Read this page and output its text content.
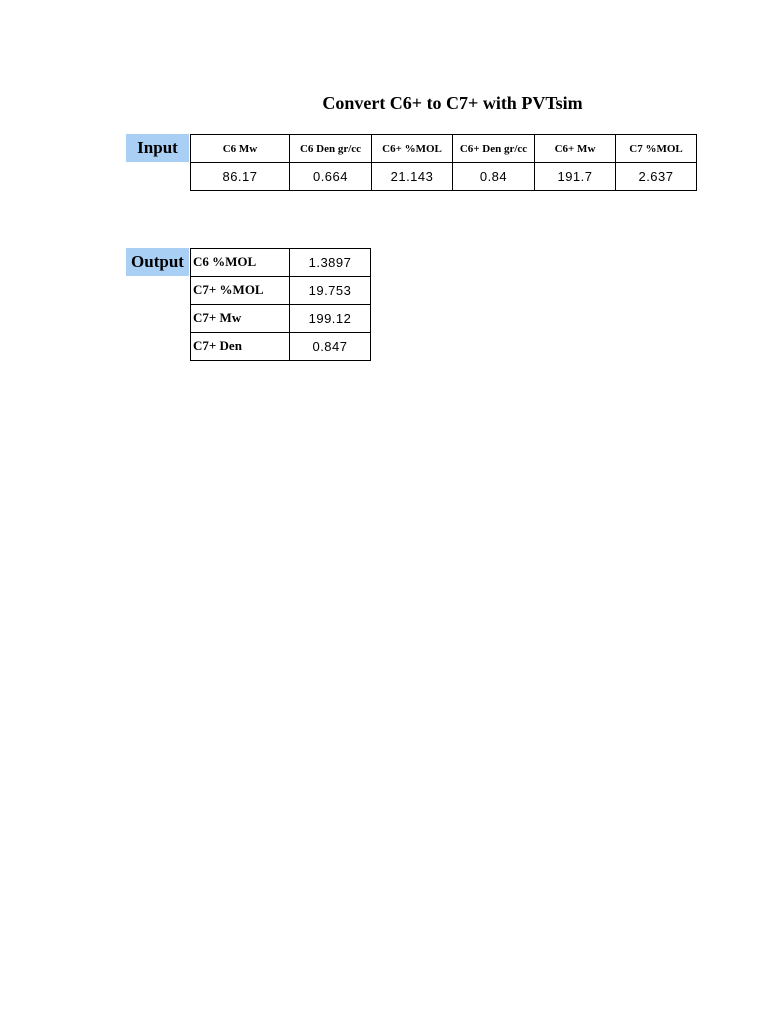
Convert C6+ to C7+ with PVTsim
Input	C6 Mw	C6 Den gr/cc	C6+ %MOL	C6+ Den gr/cc	C6+ Mw	C7 %MOL
86.17	0.664	21.143	0.84	191.7	2.637
Output C6 %MOL	1.3897
C7+ %MOL	19.753
C7+ Mw	199.12
C7+ Den	0.847
